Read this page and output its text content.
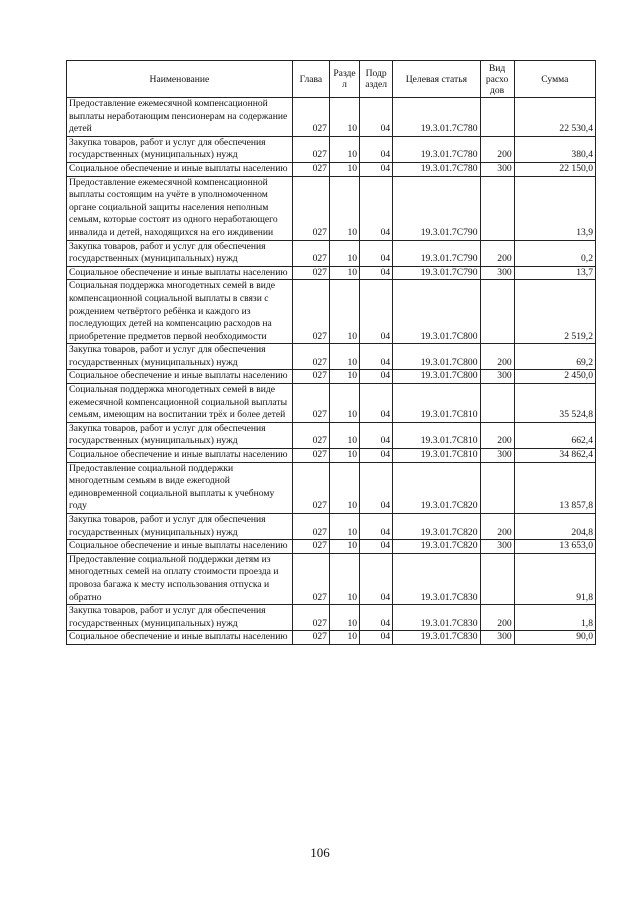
Наименование	Глава	Разде л	Подр аздел	Целевая статья	Вид расхо дов	Сумма
Предоставление ежемесячной компенсационной выплаты неработающим пенсионерам на содержание детей	027	10	04	19.3.01.7С780		22 530,4
Закупка товаров, работ и услуг для обеспечения государственных (муниципальных) нужд	027	10	04	19.3.01.7С780	200	380,4
Социальное обеспечение и иные выплаты населению	027	10	04	19.3.01.7С780	300	22 150,0
Предоставление ежемесячной компенсационной выплаты состоящим на учёте в уполномоченном органе социальной защиты населения неполным семьям, которые состоят из одного неработающего инвалида и детей, находящихся на его иждивении	027	10	04	19.3.01.7С790		13,9
Закупка товаров, работ и услуг для обеспечения государственных (муниципальных) нужд	027	10	04	19.3.01.7С790	200	0,2
Социальное обеспечение и иные выплаты населению	027	10	04	19.3.01.7С790	300	13,7
Социальная поддержка многодетных семей в виде компенсационной социальной выплаты в связи с рождением четвёртого ребёнка и каждого из последующих детей на компенсацию расходов на приобретение предметов первой необходимости	027	10	04	19.3.01.7С800		2 519,2
Закупка товаров, работ и услуг для обеспечения государственных (муниципальных) нужд	027	10	04	19.3.01.7С800	200	69,2
Социальное обеспечение и иные выплаты населению	027	10	04	19.3.01.7С800	300	2 450,0
Социальная поддержка многодетных семей в виде ежемесячной компенсационной социальной выплаты семьям, имеющим на воспитании трёх и более детей	027	10	04	19.3.01.7С810		35 524,8
Закупка товаров, работ и услуг для обеспечения государственных (муниципальных) нужд	027	10	04	19.3.01.7С810	200	662,4
Социальное обеспечение и иные выплаты населению	027	10	04	19.3.01.7С810	300	34 862,4
Предоставление социальной поддержки многодетным семьям в виде ежегодной единовременной социальной выплаты к учебному году	027	10	04	19.3.01.7С820		13 857,8
Закупка товаров, работ и услуг для обеспечения государственных (муниципальных) нужд	027	10	04	19.3.01.7С820	200	204,8
Социальное обеспечение и иные выплаты населению	027	10	04	19.3.01.7С820	300	13 653,0
Предоставление социальной поддержки детям из многодетных семей на оплату стоимости проезда и провоза багажа к месту использования отпуска и обратно	027	10	04	19.3.01.7С830		91,8
Закупка товаров, работ и услуг для обеспечения государственных (муниципальных) нужд	027	10	04	19.3.01.7С830	200	1,8
Социальное обеспечение и иные выплаты населению	027	10	04	19.3.01.7С830	300	90,0
106
